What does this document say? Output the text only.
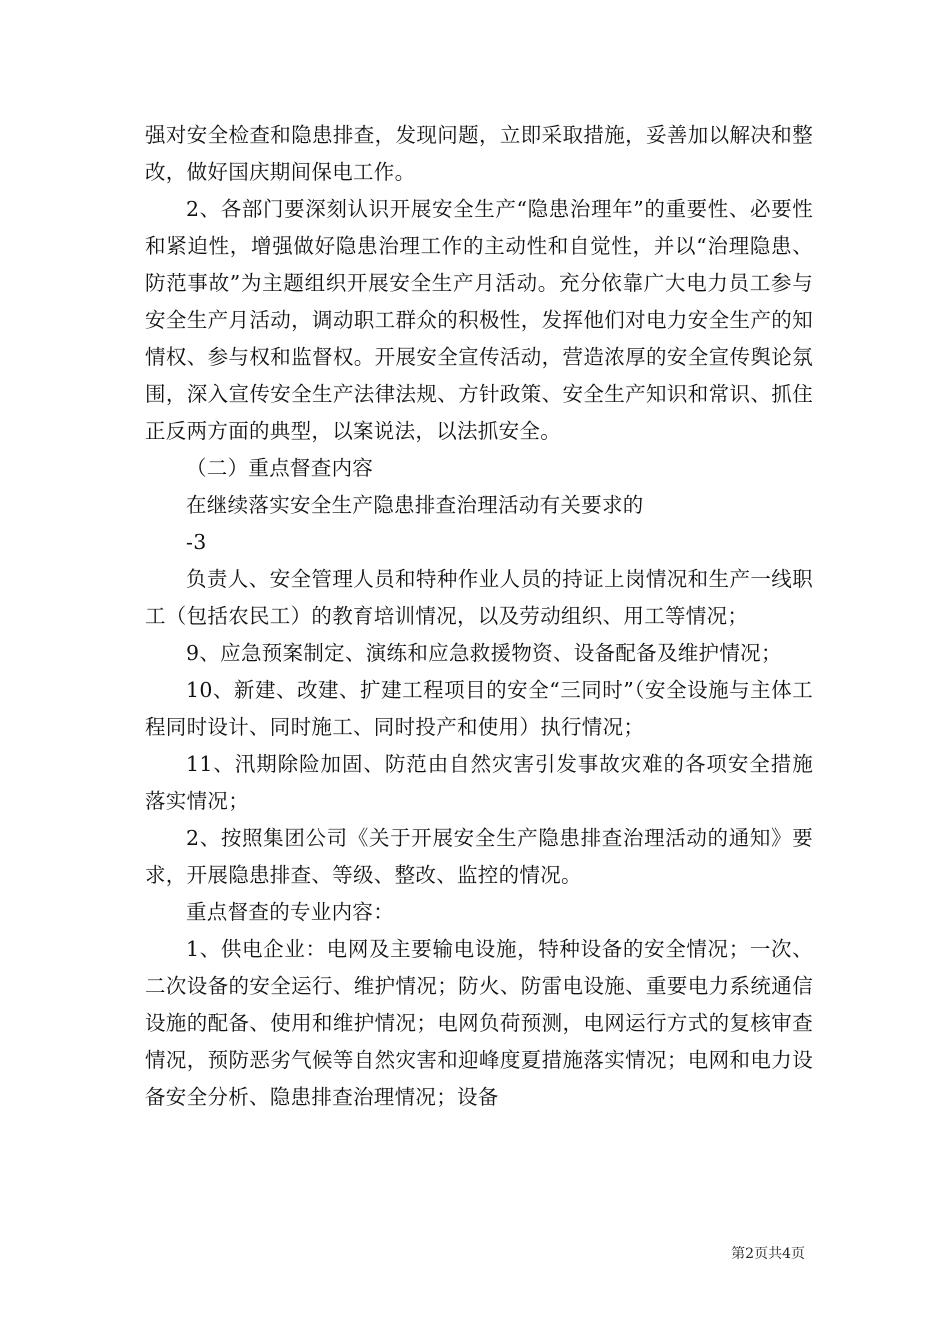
强对安全检查和隐患排查，发现问题，立即采取措施，妥善加以解决和整改，做好国庆期间保电工作。

2、各部门要深刻认识开展安全生产“隐患治理年”的重要性、必要性和紧迫性，增强做好隐患治理工作的主动性和自觉性，并以“治理隐患、防范事故”为主题组织开展安全生产月活动。充分依靠广大电力员工参与安全生产月活动，调动职工群众的积极性，发挥他们对电力安全生产的知情权、参与权和监督权。开展安全宣传活动，营造浓厚的安全宣传舆论氛围，深入宣传安全生产法律法规、方针政策、安全生产知识和常识、抓住正反两方面的典型，以案说法，以法抓安全。

（二）重点督查内容

在继续落实安全生产隐患排查治理活动有关要求的

-3

负责人、安全管理人员和特种作业人员的持证上岗情况和生产一线职工（包括农民工）的教育培训情况，以及劳动组织、用工等情况；

9、应急预案制定、演练和应急救援物资、设备配备及维护情况；

10、新建、改建、扩建工程项目的安全“三同时”（安全设施与主体工程同时设计、同时施工、同时投产和使用）执行情况；

11、汛期除险加固、防范由自然灾害引发事故灾难的各项安全措施落实情况；

2、按照集团公司《关于开展安全生产隐患排查治理活动的通知》要求，开展隐患排查、等级、整改、监控的情况。

重点督查的专业内容：

1、供电企业：电网及主要输电设施，特种设备的安全情况；一次、二次设备的安全运行、维护情况；防火、防雷电设施、重要电力系统通信设施的配备、使用和维护情况；电网负荷预测，电网运行方式的复核审查情况，预防恶劣气候等自然灾害和迎峰度夏措施落实情况；电网和电力设备安全分析、隐患排查治理情况；设备

第2页共4页
